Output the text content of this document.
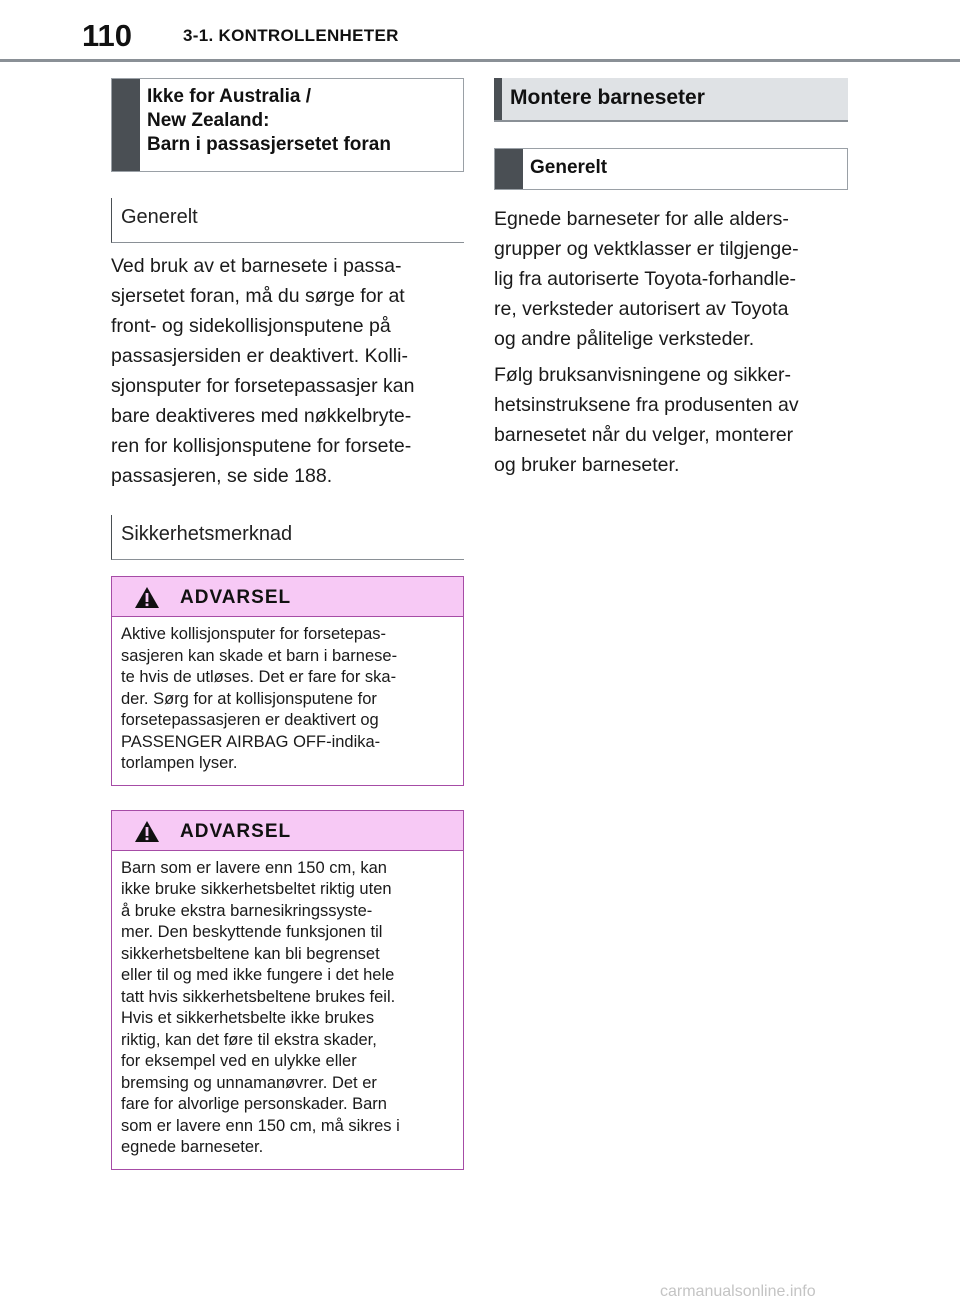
110	3-1. KONTROLLENHETER
Ikke for Australia /
New Zealand:
Barn i passasjersetet foran
Generelt
Ved bruk av et barnesete i passa-
sjersetet foran, må du sørge for at
front- og sidekollisjonsputene på
passasjersiden er deaktivert. Kolli-
sjonsputer for forsetepassasjer kan
bare deaktiveres med nøkkelbryte-
ren for kollisjonsputene for forsete-
passasjeren, se side 188.
Sikkerhetsmerknad
ADVARSEL
Aktive kollisjonsputer for forsetepas-
sasjeren kan skade et barn i barnese-
te hvis de utløses. Det er fare for ska-
der. Sørg for at kollisjonsputene for
forsetepassasjeren er deaktivert og
PASSENGER AIRBAG OFF-indika-
torlampen lyser.
ADVARSEL
Barn som er lavere enn 150 cm, kan
ikke bruke sikkerhetsbeltet riktig uten
å bruke ekstra barnesikringssyste-
mer. Den beskyttende funksjonen til
sikkerhetsbeltene kan bli begrenset
eller til og med ikke fungere i det hele
tatt hvis sikkerhetsbeltene brukes feil.
Hvis et sikkerhetsbelte ikke brukes
riktig, kan det føre til ekstra skader,
for eksempel ved en ulykke eller
bremsing og unnamanøvrer. Det er
fare for alvorlige personskader. Barn
som er lavere enn 150 cm, må sikres i
egnede barneseter.
Montere barneseter
Generelt
Egnede barneseter for alle alders-
grupper og vektklasser er tilgjenge-
lig fra autoriserte Toyota-forhandle-
re, verksteder autorisert av Toyota
og andre pålitelige verksteder.
Følg bruksanvisningene og sikker-
hetsinstruksene fra produsenten av
barnesetet når du velger, monterer
og bruker barneseter.
carmanualsonline.info
